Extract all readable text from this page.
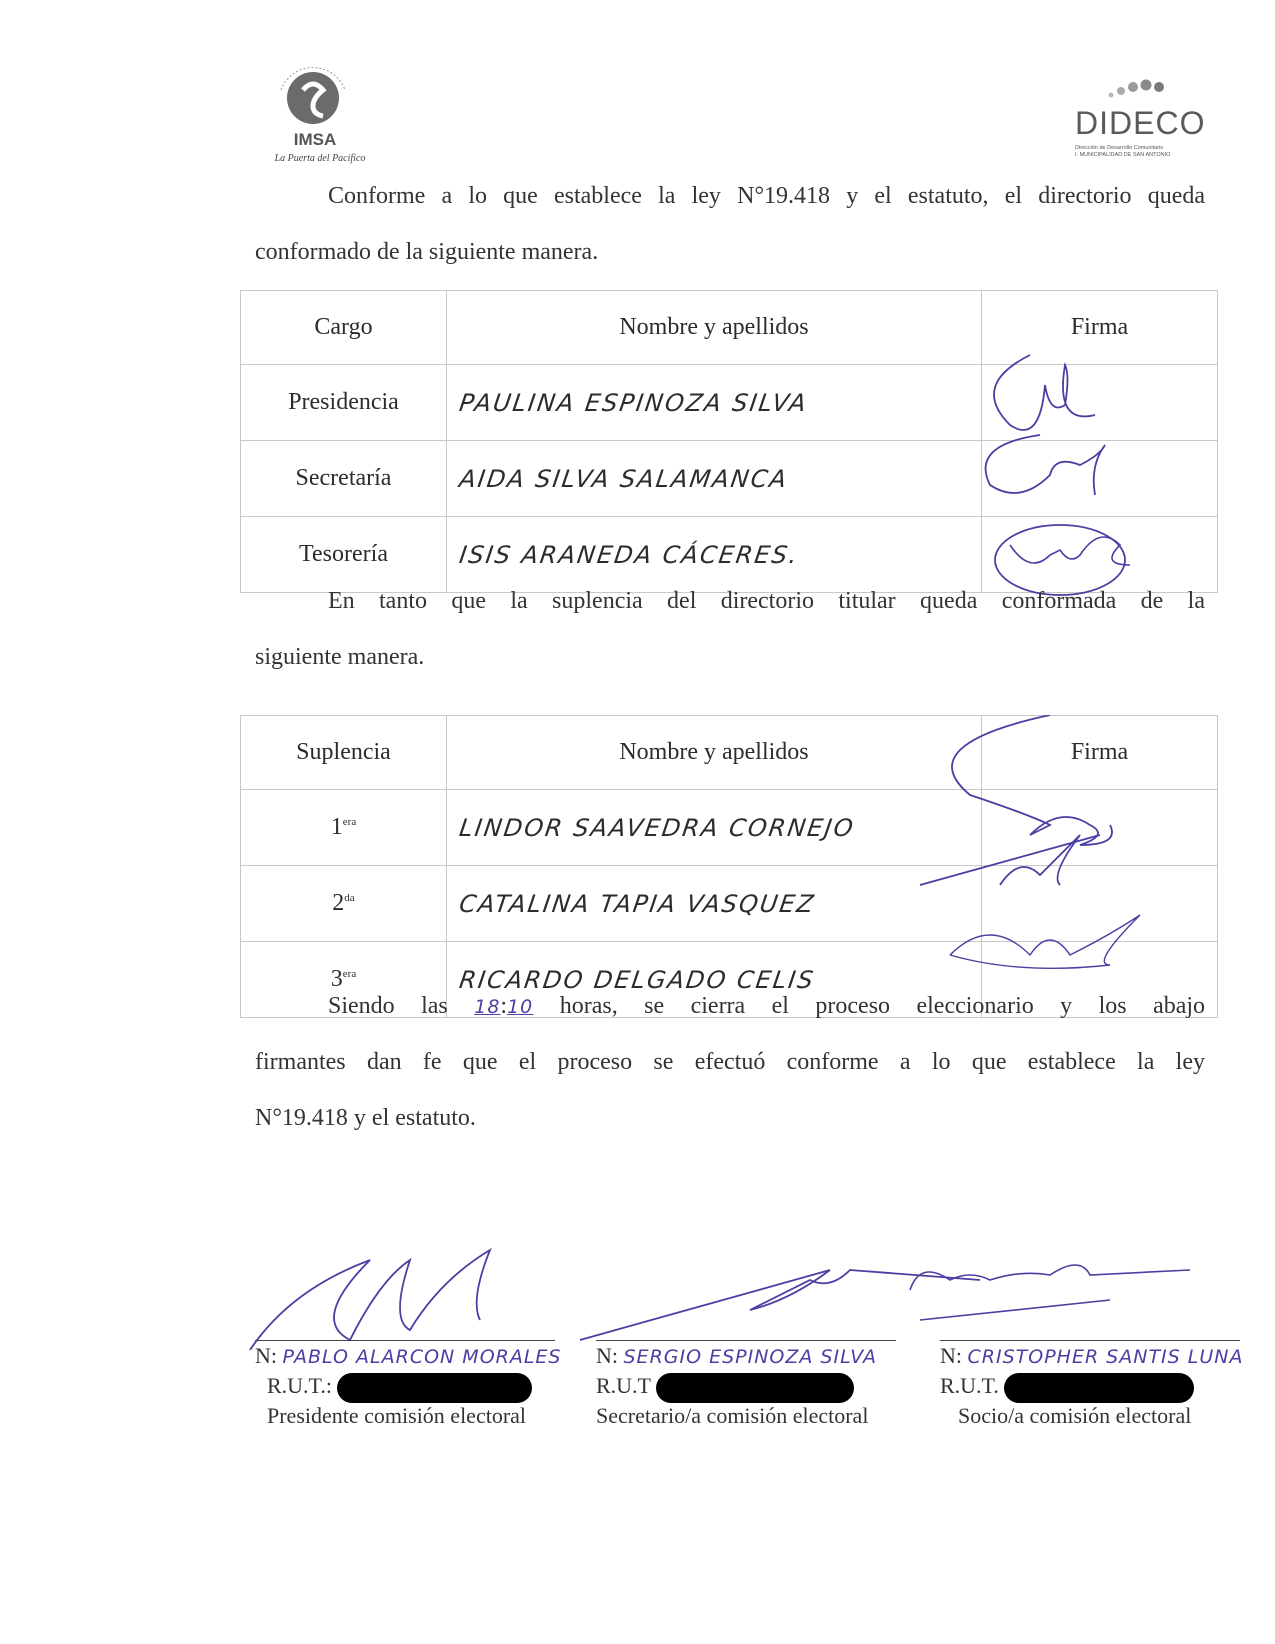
IMSA
La Puerta del Pacífico
DIDECO
Dirección de Desarrollo Comunitario
I. MUNICIPALIDAD DE SAN ANTONIO
Conforme a lo que establece la ley N°19.418 y el estatuto, el directorio queda
conformado de la siguiente manera.
Cargo	Nombre y apellidos	Firma
Presidencia	PAULINA ESPINOZA SILVA	
Secretaría	AIDA SILVA SALAMANCA	
Tesorería	ISIS ARANEDA CÁCERES.	
En tanto que la suplencia del directorio titular queda conformada de la
siguiente manera.
Suplencia	Nombre y apellidos	Firma
$1^{era}$	LINDOR SAAVEDRA CORNEJO	
$2^{da}$	CATALINA TAPIA VASQUEZ	
$3^{era}$	RICARDO DELGADO CELIS	
Siendo las 18:10 horas, se cierra el proceso eleccionario y los abajo
firmantes dan fe que el proceso se efectuó conforme a lo que establece la ley
N°19.418 y el estatuto.
N: PABLO ALARCON MORALES
R.U.T.:
Presidente comisión electoral
N: SERGIO ESPINOZA SILVA
R.U.T
Secretario/a comisión electoral
N: CRISTOPHER SANTIS LUNA
R.U.T.
Socio/a comisión electoral
